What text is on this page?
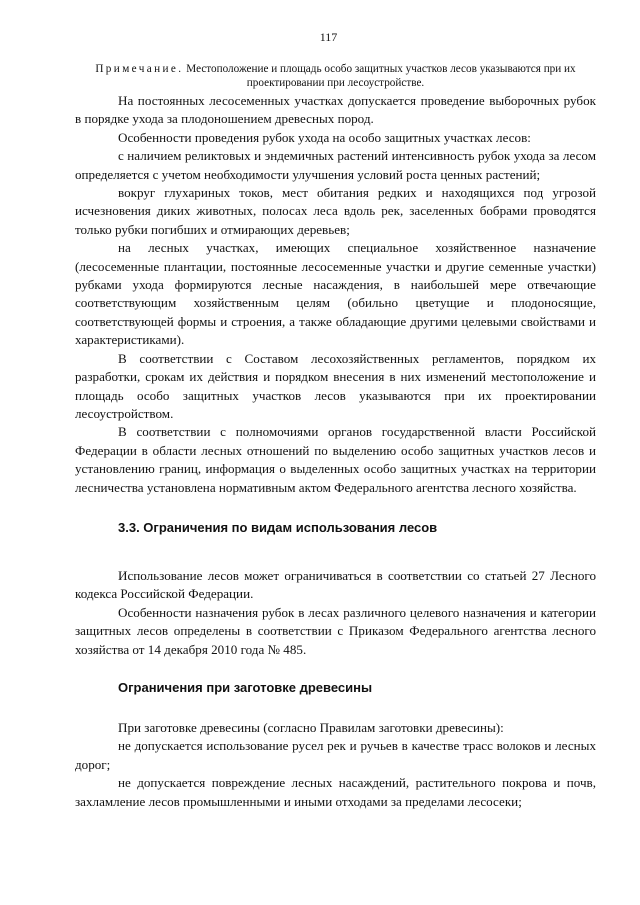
117
Примечание. Местоположение и площадь особо защитных участков лесов указываются при их проектировании при лесоустройстве.

На постоянных лесосеменных участках допускается проведение выборочных рубок в порядке ухода за плодоношением древесных пород.

Особенности проведения рубок ухода на особо защитных участках лесов:

с наличием реликтовых и эндемичных растений интенсивность рубок ухода за лесом определяется с учетом необходимости улучшения условий роста ценных растений;

вокруг глухариных токов, мест обитания редких и находящихся под угрозой исчезновения диких животных, полосах леса вдоль рек, заселенных бобрами проводятся только рубки погибших и отмирающих деревьев;

на лесных участках, имеющих специальное хозяйственное назначение (лесосеменные плантации, постоянные лесосеменные участки и другие семенные участки) рубками ухода формируются лесные насаждения, в наибольшей мере отвечающие соответствующим хозяйственным целям (обильно цветущие и плодоносящие, соответствующей формы и строения, а также обладающие другими целевыми свойствами и характеристиками).

В соответствии с Составом лесохозяйственных регламентов, порядком их разработки, срокам их действия и порядком внесения в них изменений местоположение и площадь особо защитных участков лесов указываются при их проектировании лесоустройством.

В соответствии с полномочиями органов государственной власти Российской Федерации в области лесных отношений по выделению особо защитных участков лесов и установлению границ, информация о выделенных особо защитных участках на территории лесничества установлена нормативным актом Федерального агентства лесного хозяйства.

3.3. Ограничения по видам использования лесов

Использование лесов может ограничиваться в соответствии со статьей 27 Лесного кодекса Российской Федерации.

Особенности назначения рубок в лесах различного целевого назначения и категории защитных лесов определены в соответствии с Приказом Федерального агентства лесного хозяйства от 14 декабря 2010 года № 485.

Ограничения при заготовке древесины

При заготовке древесины (согласно Правилам заготовки древесины):

не допускается использование русел рек и ручьев в качестве трасс волоков и лесных дорог;

не допускается повреждение лесных насаждений, растительного покрова и почв, захламление лесов промышленными и иными отходами за пределами лесосеки;
